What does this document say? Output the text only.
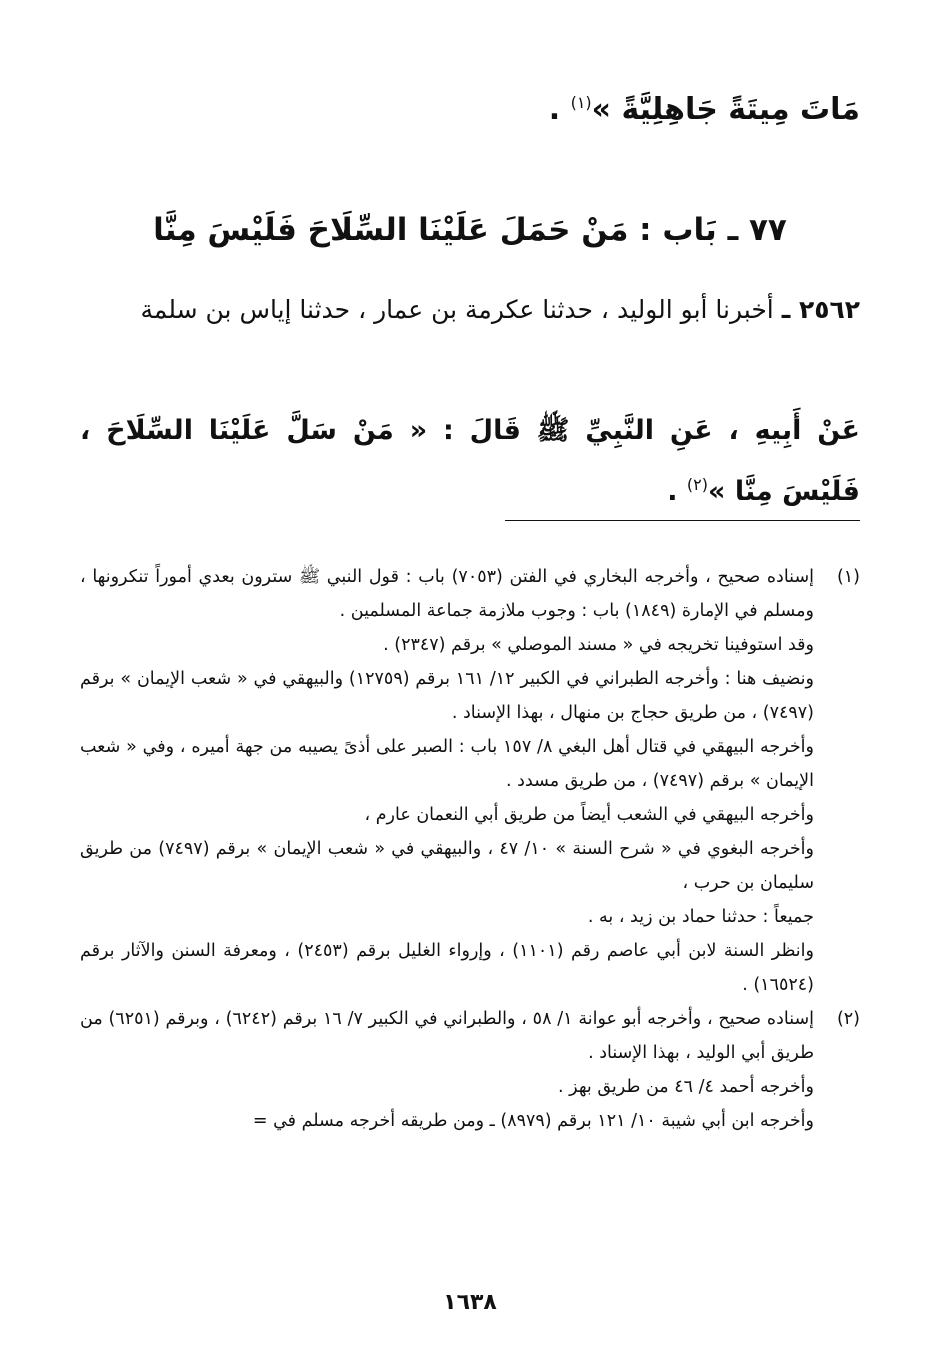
مَاتَ مِيتَةً جَاهِلِيَّةً »$^{(١)}$ .
٧٧ ـ بَاب : مَنْ حَمَلَ عَلَيْنَا السِّلَاحَ فَلَيْسَ مِنَّا
٢٥٦٢ ـ أخبرنا أبو الوليد ، حدثنا عكرمة بن عمار ، حدثنا إياس بن سلمة
عَنْ أَبِيهِ ، عَنِ النَّبِيِّ ﷺ قَالَ : « مَنْ سَلَّ عَلَيْنَا السِّلَاحَ ، فَلَيْسَ مِنَّا »$^{(٢)}$ .
(١)

إسناده صحيح ، وأخرجه البخاري في الفتن (٧٠٥٣) باب : قول النبي ﷺ سترون بعدي أموراً تنكرونها ، ومسلم في الإمارة (١٨٤٩) باب : وجوب ملازمة جماعة المسلمين .

وقد استوفينا تخريجه في « مسند الموصلي » برقم (٢٣٤٧) .

ونضيف هنا : وأخرجه الطبراني في الكبير ١٢/ ١٦١ برقم (١٢٧٥٩) والبيهقي في « شعب الإيمان » برقم (٧٤٩٧) ، من طريق حجاج بن منهال ، بهذا الإسناد .

وأخرجه البيهقي في قتال أهل البغي ٨/ ١٥٧ باب : الصبر على أذىً يصيبه من جهة أميره ، وفي « شعب الإيمان » برقم (٧٤٩٧) ، من طريق مسدد .

وأخرجه البيهقي في الشعب أيضاً من طريق أبي النعمان عارم ،

وأخرجه البغوي في « شرح السنة » ١٠/ ٤٧ ، والبيهقي في « شعب الإيمان » برقم (٧٤٩٧) من طريق سليمان بن حرب ،

جميعاً : حدثنا حماد بن زيد ، به .

وانظر السنة لابن أبي عاصم رقم (١١٠١) ، وإرواء الغليل برقم (٢٤٥٣) ، ومعرفة السنن والآثار برقم (١٦٥٢٤) .

(٢)

إسناده صحيح ، وأخرجه أبو عوانة ١/ ٥٨ ، والطبراني في الكبير ٧/ ١٦ برقم (٦٢٤٢) ، وبرقم (٦٢٥١) من طريق أبي الوليد ، بهذا الإسناد .

وأخرجه أحمد ٤/ ٤٦ من طريق بهز .

وأخرجه ابن أبي شيبة ١٠/ ١٢١ برقم (٨٩٧٩) ـ ومن طريقه أخرجه مسلم في =

١٦٣٨
